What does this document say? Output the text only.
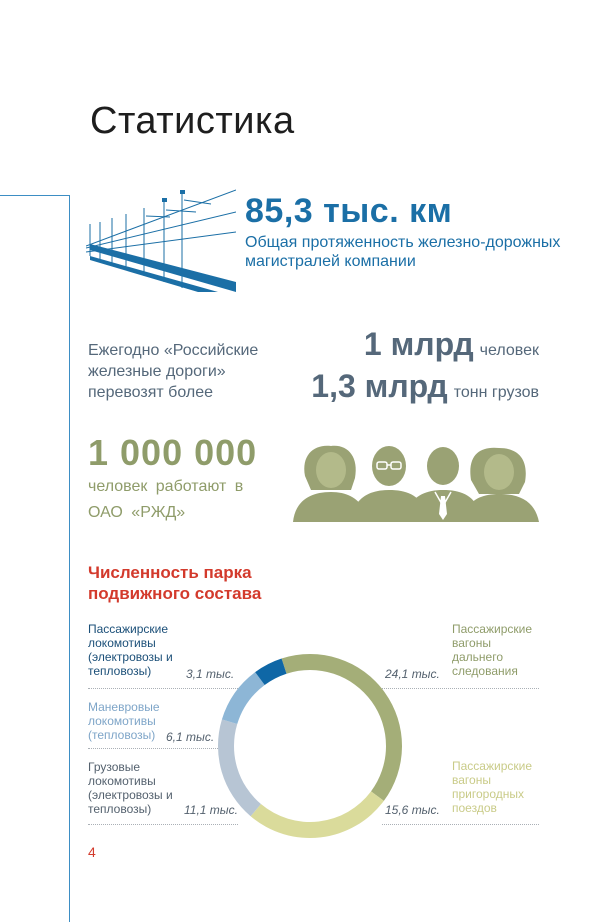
Статистика
85,3 тыс. км
Общая протяженность железно-дорожных магистралей компании
Ежегодно «Российские железные дороги» перевозят более
1 млрд человек
1,3 млрд тонн грузов
1 000 000
человек работают в ОАО «РЖД»
Численность парка подвижного состава
Пассажирские локомотивы (электровозы и тепловозы)	3,1 тыс.
Маневровые локомотивы (тепловозы) 6,1 тыс.
Грузовые локомотивы (электровозы и тепловозы)	11,1 тыс.
Пассажирские вагоны дальнего следования
24,1 тыс.
Пассажирские вагоны пригородных поездов
15,6 тыс.
4
